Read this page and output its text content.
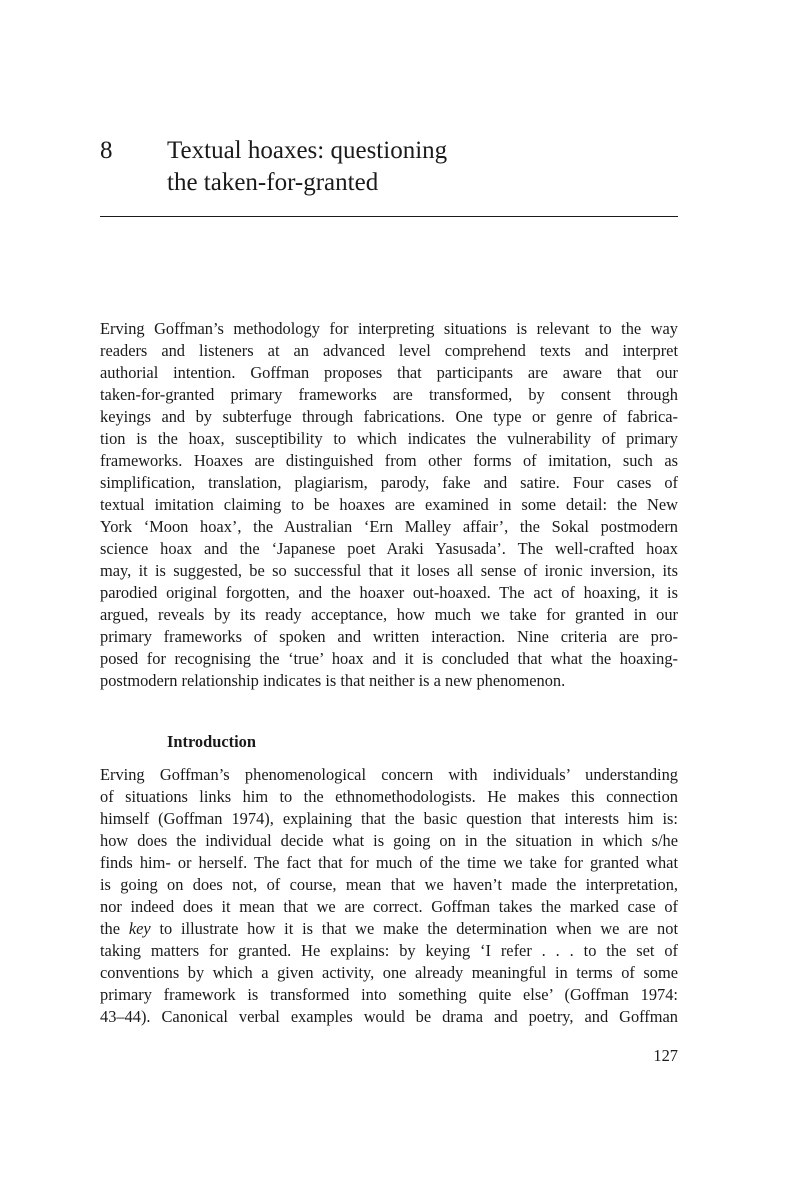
8 Textual hoaxes: questioning
the taken-for-granted
Erving Goffman’s methodology for interpreting situations is relevant to the way
readers and listeners at an advanced level comprehend texts and interpret
authorial intention. Goffman proposes that participants are aware that our
taken-for-granted primary frameworks are transformed, by consent through
keyings and by subterfuge through fabrications. One type or genre of fabrica-
tion is the hoax, susceptibility to which indicates the vulnerability of primary
frameworks. Hoaxes are distinguished from other forms of imitation, such as
simplification, translation, plagiarism, parody, fake and satire. Four cases of
textual imitation claiming to be hoaxes are examined in some detail: the New
York ‘Moon hoax’, the Australian ‘Ern Malley affair’, the Sokal postmodern
science hoax and the ‘Japanese poet Araki Yasusada’. The well-crafted hoax
may, it is suggested, be so successful that it loses all sense of ironic inversion, its
parodied original forgotten, and the hoaxer out-hoaxed. The act of hoaxing, it is
argued, reveals by its ready acceptance, how much we take for granted in our
primary frameworks of spoken and written interaction. Nine criteria are pro-
posed for recognising the ‘true’ hoax and it is concluded that what the hoaxing-
postmodern relationship indicates is that neither is a new phenomenon.
Introduction
Erving Goffman’s phenomenological concern with individuals’ understanding
of situations links him to the ethnomethodologists. He makes this connection
himself (Goffman 1974), explaining that the basic question that interests him is:
how does the individual decide what is going on in the situation in which s/he
finds him- or herself. The fact that for much of the time we take for granted what
is going on does not, of course, mean that we haven’t made the interpretation,
nor indeed does it mean that we are correct. Goffman takes the marked case of
the key to illustrate how it is that we make the determination when we are not
taking matters for granted. He explains: by keying ‘I refer . . . to the set of
conventions by which a given activity, one already meaningful in terms of some
primary framework is transformed into something quite else’ (Goffman 1974:
43–44). Canonical verbal examples would be drama and poetry, and Goffman
127
